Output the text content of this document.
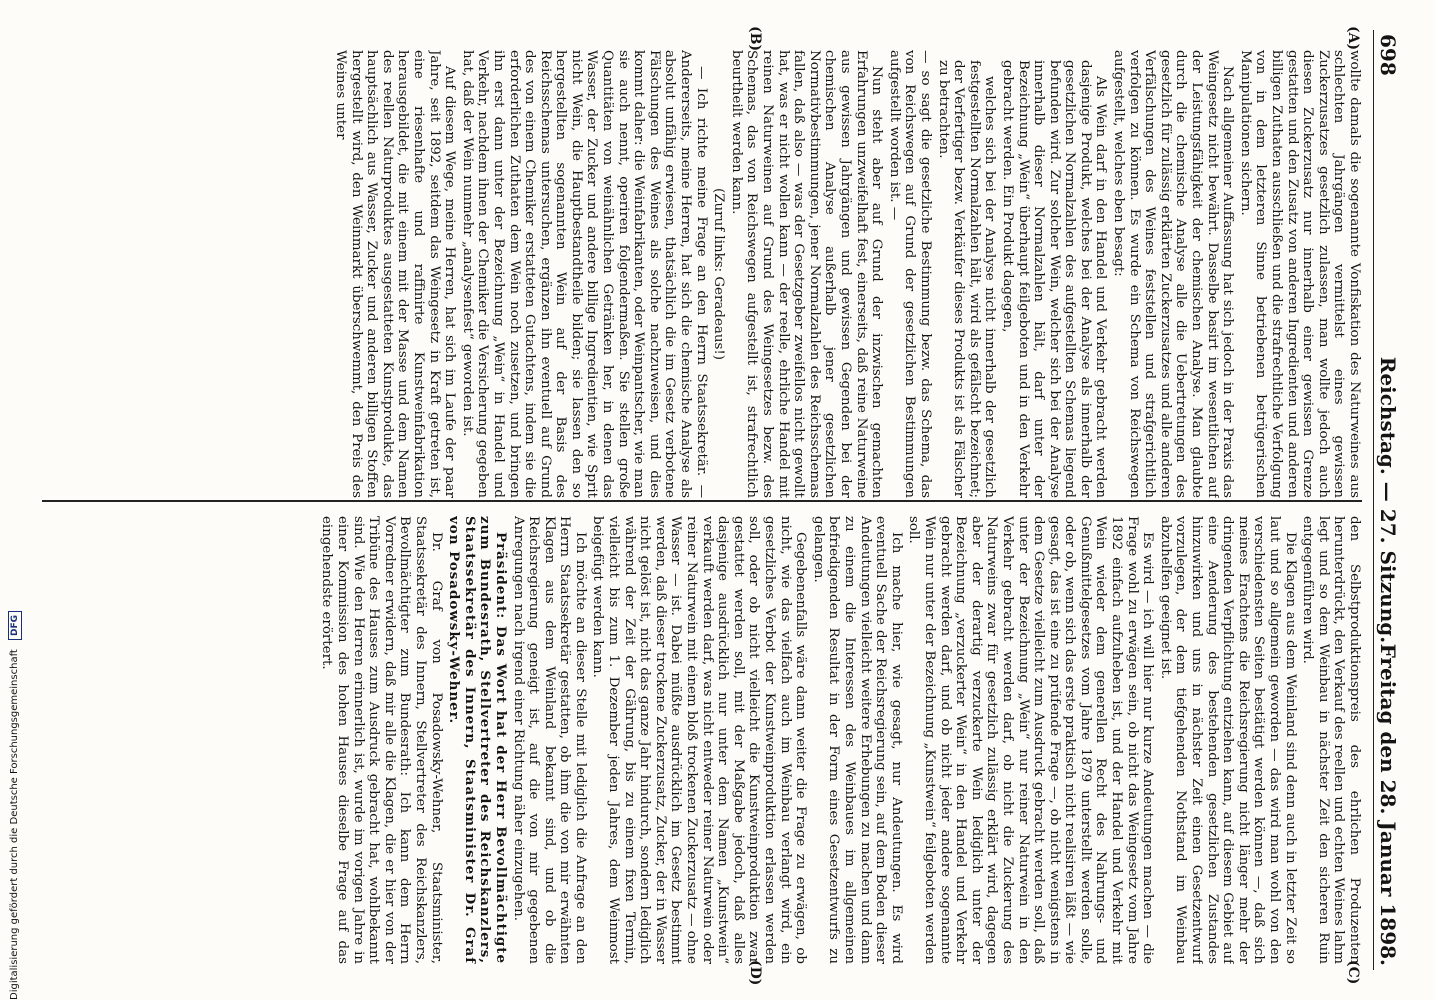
698
Reichstag. — 27. Sitzung.
Freitag den 28. Januar 1898.
(A)
(B)
(C)
(D)

wollte damals die sogenannte Vonfiskation des Naturweines aus schlechten Jahrgängen vermittelst eines gewissen Zuckerzusatzes gesetzlich zulassen, man wollte jedoch auch diesen Zuckerzusatz nur innerhalb einer gewissen Grenze gestatten und den Zusatz von anderen Ingredienten und anderen billigen Zuthaten ausschließen und die strafrechtliche Verfolgung von in dem letzteren Sinne betriebenen betrügerischen Manipulationen sichern.

Nach allgemeiner Auffassung hat sich jedoch in der Praxis das Weingesetz nicht bewährt. Dasselbe basirt im wesentlichen auf der Leistungsfähigkeit der chemischen Analyse. Man glaubte durch die chemische Analyse alle die Uebertretungen des gesetzlich für zulässig erklärten Zuckerzusatzes und alle anderen Verfälschungen des Weines feststellen und strafgerichtlich verfolgen zu können. Es wurde ein Schema von Reichswegen aufgestellt, welches eben besagt:

Als Wein darf in den Handel und Verkehr gebracht werden dasjenige Produkt, welches bei der Analyse als innerhalb der gesetzlichen Normalzahlen des aufgestellten Schemas liegend befunden wird. Zur solcher Wein, welcher sich bei der Analyse innerhalb dieser Normalzahlen hält, darf unter der Bezeichnung „Wein“ überhaupt feilgeboten und in den Verkehr gebracht werden. Ein Produkt dagegen,

welches sich bei der Analyse nicht innerhalb der gesetzlich festgestellten Normalzahlen hält, wird als gefälscht bezeichnet; der Verfertiger bezw. Verkäufer dieses Produkts ist als Fälscher zu betrachten.

— so sagt die gesetzliche Bestimmung bezw. das Schema, das von Reichswegen auf Grund der gesetzlichen Bestimmungen aufgestellt worden ist. —

Nun steht aber auf Grund der inzwischen gemachten Erfahrungen unzweifelhaft fest, einerseits, daß reine Naturweine aus gewissen Jahrgängen und gewissen Gegenden bei der chemischen Analyse außerhalb jener gesetzlichen Normativbestimmungen, jener Normalzahlen des Reichsschemas fallen, daß also — was der Gesetzgeber zweifellos nicht gewollt hat, was er nicht wollen kann — der reelle, ehrliche Handel mit reinen Naturweinen auf Grund des Weingesetzes bezw. des Schemas, das von Reichswegen aufgestellt ist, strafrechtlich beurtheilt werden kann.

(Zuruf links: Geradeaus!)

— Ich richte meine Frage an den Herrn Staatssekretär. — Andererseits, meine Herren, hat sich die chemische Analyse als absolut unfähig erwiesen, thatsächlich die im Gesetz verbotene Fälschungen des Weines als solche nachzuweisen, und dies kommt daher: die Weinfabrikanten, oder Weinpantscher, wie man sie auch nennt, operiren folgendermaßen. Sie stellen große Quantitäten von weinähnlichen Getränken her, in denen das Wasser, der Zucker und andere billige Ingredientien, wie Sprit nicht Wein, die Hauptbestandtheile bilden; sie lassen den so hergestellten sogenannten Wein auf der Basis des Reichsschemas untersuchen, ergänzen ihn eventuell auf Grund des von einem Chemiker erstatteten Gutachtens, indem sie die erforderlichen Zuthaten dem Wein noch zusetzen, und bringen ihn erst dann unter der Bezeichnung „Wein“ in Handel und Verkehr, nachdem ihnen der Chemiker die Versicherung gegeben hat, daß der Wein nunmehr „analysenfest“ geworden ist.

Auf diesem Wege, meine Herren, hat sich im Laufe der paar Jahre, seit 1892, seitdem das Weingesetz in Kraft getreten ist, eine riesenhafte und raffinirte Kunstweinfabrikation herausgebildet, die mit einem mit der Masse und dem Namen des reellen Naturproduktes ausgestatteten Kunstprodukte, das hauptsächlich aus Wasser, Zucker und anderen billigen Stoffen hergestellt wird, den Weinmarkt überschwemmt, den Preis des Weines unter

den Selbstproduktionspreis des ehrlichen Produzenten herunterdrückt, den Verkauf des reellen und echten Weines lahm legt und so dem Weinbau in nächster Zeit den sicheren Ruin entgegenführen wird.

Die Klagen aus dem Weinland sind denn auch in letzter Zeit so laut und so allgemein geworden — das wird man wohl von den verschiedensten Seiten bestätigt werden können —, daß sich meines Erachtens die Reichsregierung nicht länger mehr der dringenden Verpflichtung entziehen kann, auf diesem Gebiet auf eine Aenderung des bestehenden gesetzlichen Zustandes hinzuwirken und uns in nächster Zeit einen Gesetzentwurf vorzulegen, der dem tiefgehenden Nothstand im Weinbau abzuhelfen geeignet ist.

Es wird — ich will hier nur kurze Andeutungen machen — die Frage wohl zu erwägen sein, ob nicht das Weingesetz vom Jahre 1892 einfach aufzuheben ist, und der Handel und Verkehr mit Wein wieder dem generellen Recht des Nahrungs- und Genußmittelgesetzes vom Jahre 1879 unterstellt werden solle, oder ob, wenn sich das erste praktisch nicht realisiren läßt — wie gesagt, das ist eine zu prüfende Frage —, ob nicht wenigstens in dem Gesetze vielleicht zum Ausdruck gebracht werden soll, daß unter der Bezeichnung „Wein“ nur reiner Naturwein in den Verkehr gebracht werden darf, ob nicht die Zuckerung des Naturweins zwar für gesetzlich zulässig erklärt wird, dagegen aber der derartig verzuckerte Wein lediglich unter der Bezeichnung „verzuckerter Wein“ in den Handel und Verkehr gebracht werden darf, und ob nicht jeder andere sogenannte Wein nur unter der Bezeichnung „Kunstwein“ feilgeboten werden soll.

Ich mache hier, wie gesagt, nur Andeutungen. Es wird eventuell Sache der Reichsregierung sein, auf dem Boden dieser Andeutungen vielleicht weitere Erhebungen zu machen und dann zu einem die Interessen des Weinbaues im allgemeinen befriedigenden Resultat in der Form eines Gesetzentwurfs zu gelangen.

Gegebenenfalls wäre dann weiter die Frage zu erwägen, ob nicht, wie das vielfach auch im Weinbau verlangt wird, ein gesetzliches Verbot der Kunstweinproduktion erlassen werden soll, oder ob nicht vielleicht die Kunstweinproduktion zwar gestattet werden soll, mit der Maßgabe jedoch, daß alles dasjenige ausdrücklich nur unter dem Namen „Kunstwein“ verkauft werden darf, was nicht entweder reiner Naturwein oder reiner Naturwein mit einem bloß trockenen Zuckerzusatz — ohne Wasser — ist. Dabei müßte ausdrücklich im Gesetz bestimmt werden, daß dieser trockene Zuckerzusatz, Zucker, der in Wasser nicht gelöst ist, nicht das ganze Jahr hindurch, sondern lediglich während der Zeit der Gährung, bis zu einem fixen Termin, vielleicht bis zum 1. Dezember jeden Jahres, dem Weinmost beigefügt werden kann.

Ich möchte an dieser Stelle mit lediglich die Anfrage an den Herrn Staatssekretär gestatten, ob ihm die von mir erwähnten Klagen aus dem Weinland bekannt sind, und ob die Reichsregierung geneigt ist, auf die von mir gegebenen Anregungen nach irgend einer Richtung näher einzugehen.

Präsident: Das Wort hat der Herr Bevollmächtigte zum Bundesrath, Stellvertreter des Reichskanzlers, Staatssekretär des Innern, Staatsminister Dr. Graf von Posadowsky-Wehner.

Dr. Graf von Posadowsky-Wehner, Staatsminister, Staatssekretär des Innern, Stellvertreter des Reichskanzlers, Bevollmächtigter zum Bundesrath: Ich kann dem Herrn Vorredner erwidern, daß mir alle die Klagen, die er hier von der Tribüne des Hauses zum Ausdruck gebracht hat, wohlbekannt sind. Wie den Herren erinnerlich ist, wurde im vorigen Jahre in einer Kommission des hohen Hauses dieselbe Frage auf das eingehendste erörtert.

Digitalisierung gefördert durch die Deutsche Forschungsgemeinschaft DFG
